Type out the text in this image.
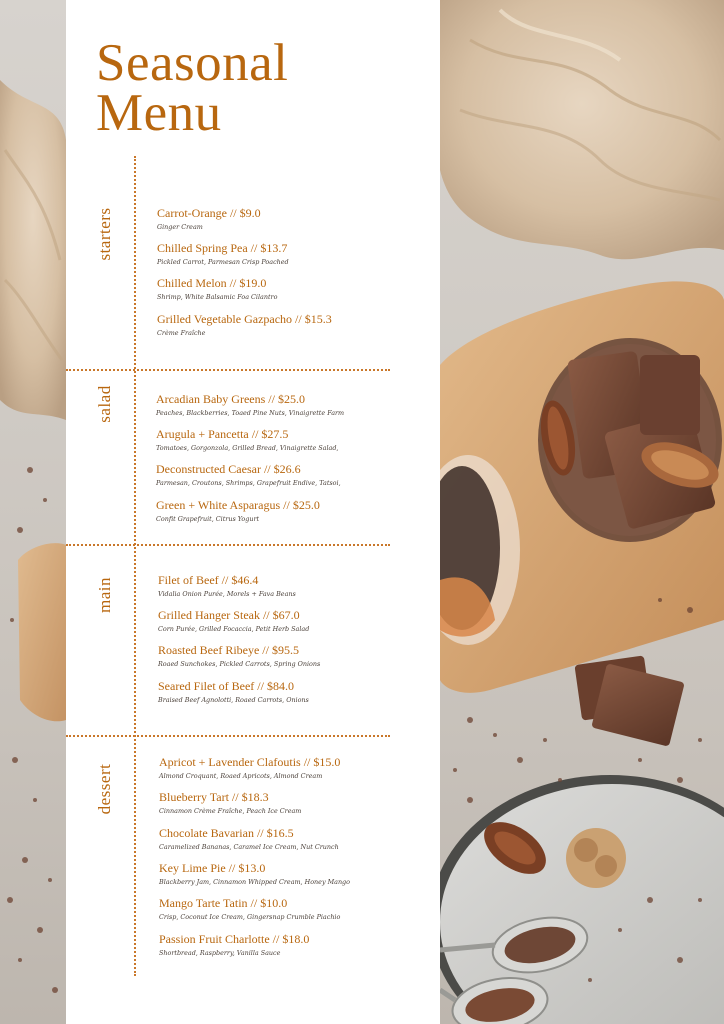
Seasonal
Menu
starters
salad
main
dessert
Carrot-Orange // $9.0
Ginger Cream
Chilled Spring Pea // $13.7
Pickled Carrot, Parmesan Crisp Poached
Chilled Melon // $19.0
Shrimp, White Balsamic Foa Cilantro
Grilled Vegetable Gazpacho // $15.3
Crème Fraîche
Arcadian Baby Greens // $25.0
Peaches, Blackberries, Toaed Pine Nuts, Vinaigrette Farm
Arugula + Pancetta // $27.5
Tomatoes, Gorgonzola, Grilled Bread, Vinaigrette Salad,
Deconstructed Caesar // $26.6
Parmesan, Croutons, Shrimps, Grapefruit Endive, Tatsoi,
Green + White Asparagus // $25.0
Confit Grapefruit, Citrus Yogurt
Filet of Beef // $46.4
Vidalia Onion Purée, Morels + Fava Beans
Grilled Hanger Steak // $67.0
Corn Purée, Grilled Focaccia, Petit Herb Salad
Roasted Beef Ribeye // $95.5
Roaed Sunchokes, Pickled Carrots, Spring Onions
Seared Filet of Beef // $84.0
Braised Beef Agnolotti, Roaed Carrots, Onions
Apricot + Lavender Clafoutis // $15.0
Almond Croquant, Roaed Apricots, Almond Cream
Blueberry Tart // $18.3
Cinnamon Crème Fraîche, Peach Ice Cream
Chocolate Bavarian // $16.5
Caramelized Bananas, Caramel Ice Cream, Nut Crunch
Key Lime Pie // $13.0
Blackberry Jam, Cinnamon Whipped Cream, Honey Mango
Mango Tarte Tatin // $10.0
Crisp, Coconut Ice Cream, Gingersnap Crumble Piachio
Passion Fruit Charlotte // $18.0
Shortbread, Raspberry, Vanilla Sauce
